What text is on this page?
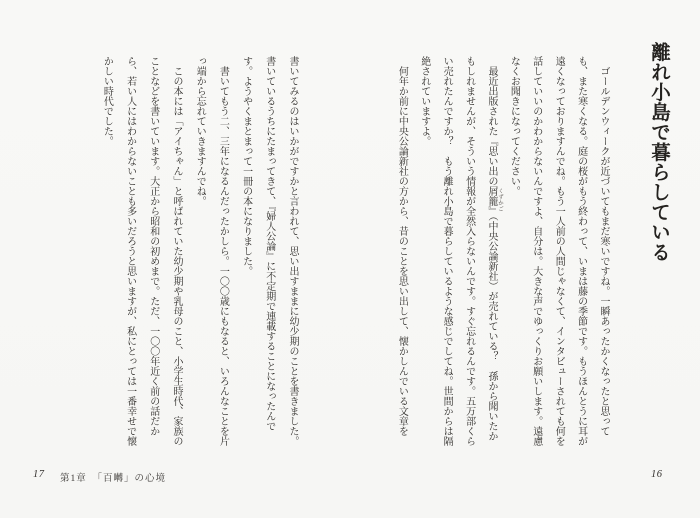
離れ小島で暮らしている

ゴールデンウィークが近づいてもまだ寒いですね。一瞬あったかくなったと思っても、また寒くなる。庭の桜がもう終わって、いまは藤の季節です。もうほんとうに耳が遠くなっておりますんでね。もう一人前の人間じゃなくて、インタビューされても何を話していいのかわからないんですよ、自分は。大きな声でゆっくりお願いします。遠慮なくお聞きになってください。

最近出版された『思い出の屑籠』（中央公論新社）が売れている？　孫から聞いたかもしれませんが、そういう情報が全然入らないんです。すぐ忘れるんです。五万部くらい売れたんですか？　もう離れ小島で暮らしているような感じでしてね。世間からは隔絶されていますよ。

何年か前に中央公論新社の方から、昔のことを思い出して、懐かしんでいる文章を	くずかご
16

書いてみるのはいかがですかと言われて、思い出すままに幼少期のことを書きました。書いているうちにたまってきて、『婦人公論』に不定期で連載することになったんです。ようやくまとまって一冊の本になりました。

書いてもう二、三年になるんだったかしら。一〇〇歳にもなると、いろんなことを片っ端から忘れていきますんでね。

この本には「アイちゃん」と呼ばれていた幼少期や乳母のこと、小学生時代、家族のことなどを書いています。大正から昭和の初めまで。ただ、一〇〇年近く前の話だから、若い人にはわからないことも多いだろうと思いますが、私にとっては一番幸せで懐かしい時代でした。

17 第1章　「百囀」の心境
